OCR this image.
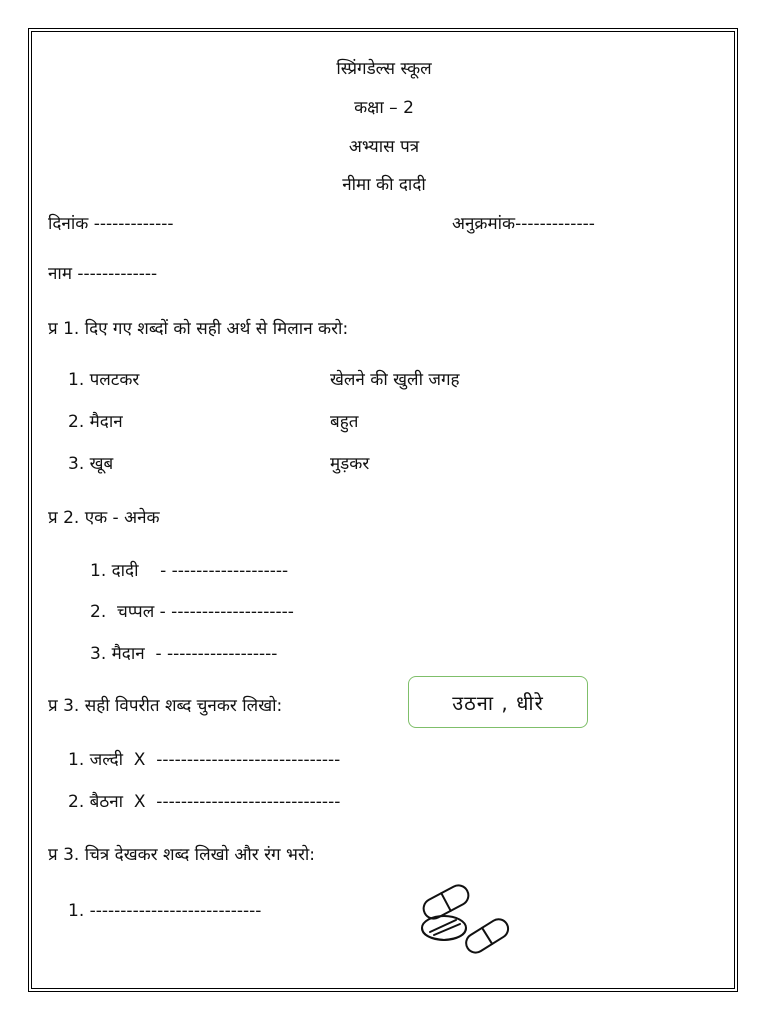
स्प्रिंगडेल्स स्कूल
कक्षा – 2
अभ्यास पत्र
नीमा की दादी
दिनांक -------------	अनुक्रमांक-------------
नाम -------------
प्र 1. दिए गए शब्दों को सही अर्थ से मिलान करो:
1. पलटकर
2. मैदान
3. खूब
खेलने की खुली जगह
बहुत
मुड़कर
प्र 2. एक - अनेक
1. दादी    - -------------------
2.  चप्पल - --------------------
3. मैदान  - ------------------
प्र 3. सही विपरीत शब्द चुनकर लिखो:	उठना , धीरे
1. जल्दी  X  ------------------------------
2. बैठना  X  ------------------------------
प्र 3. चित्र देखकर शब्द लिखो और रंग भरो:
1. ----------------------------
